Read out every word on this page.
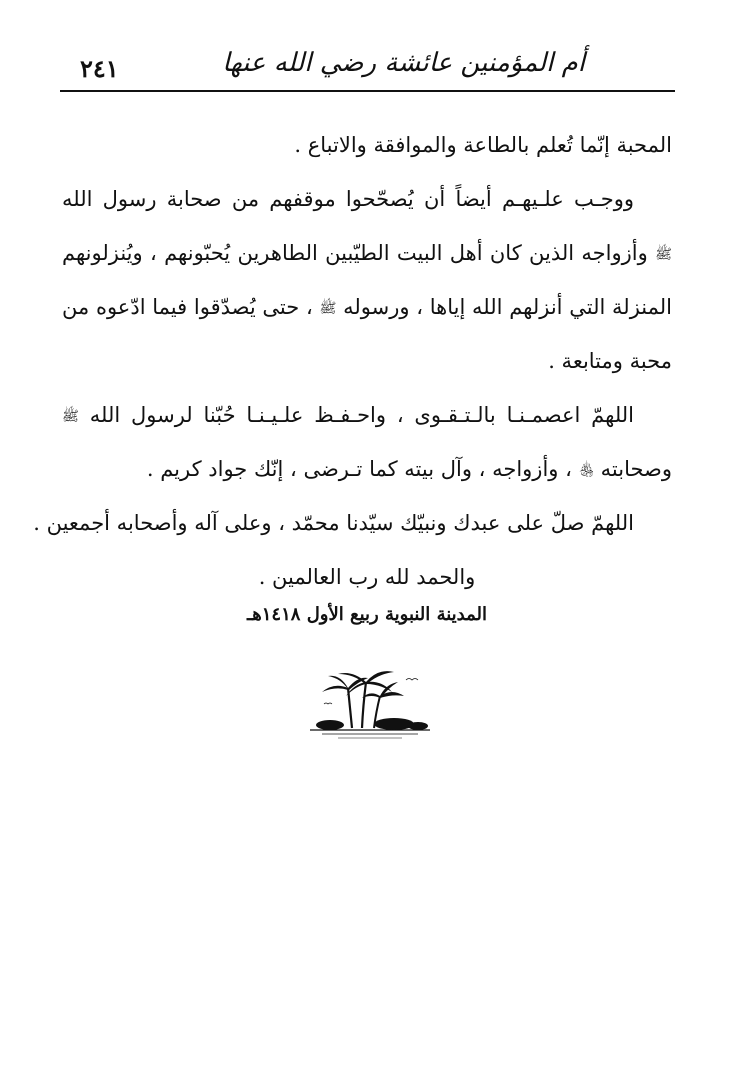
٢٤١	أم المؤمنين عائشة رضي الله عنها
المحبة إنّما تُعلم بالطاعة والموافقة والاتباع .
ووجـب علـيهـم أيضاً أن يُصحّحوا موقفهم من صحابة رسول الله
ﷺ وأزواجه الذين كان أهل البيت الطيّبين الطاهرين يُحبّونهم ، ويُنزلونهم
المنزلة التي أنزلهم الله إياها ، ورسوله ﷺ ، حتى يُصدّقوا فيما ادّعوه من
محبة ومتابعة .
اللهمّ اعصمـنـا بالـتـقـوى ، واحـفـظ علـيـنـا حُبّنا لرسول الله ﷺ
وصحابته ﵃ ، وأزواجه ، وآل بيته كما تـرضى ، إنّك جواد كريم .
اللهمّ صلّ على عبدك ونبيّك سيّدنا محمّد ، وعلى آله وأصحابه أجمعين .
والحمد لله رب العالمين .
المدينة النبوية ربيع الأول ١٤١٨هـ
